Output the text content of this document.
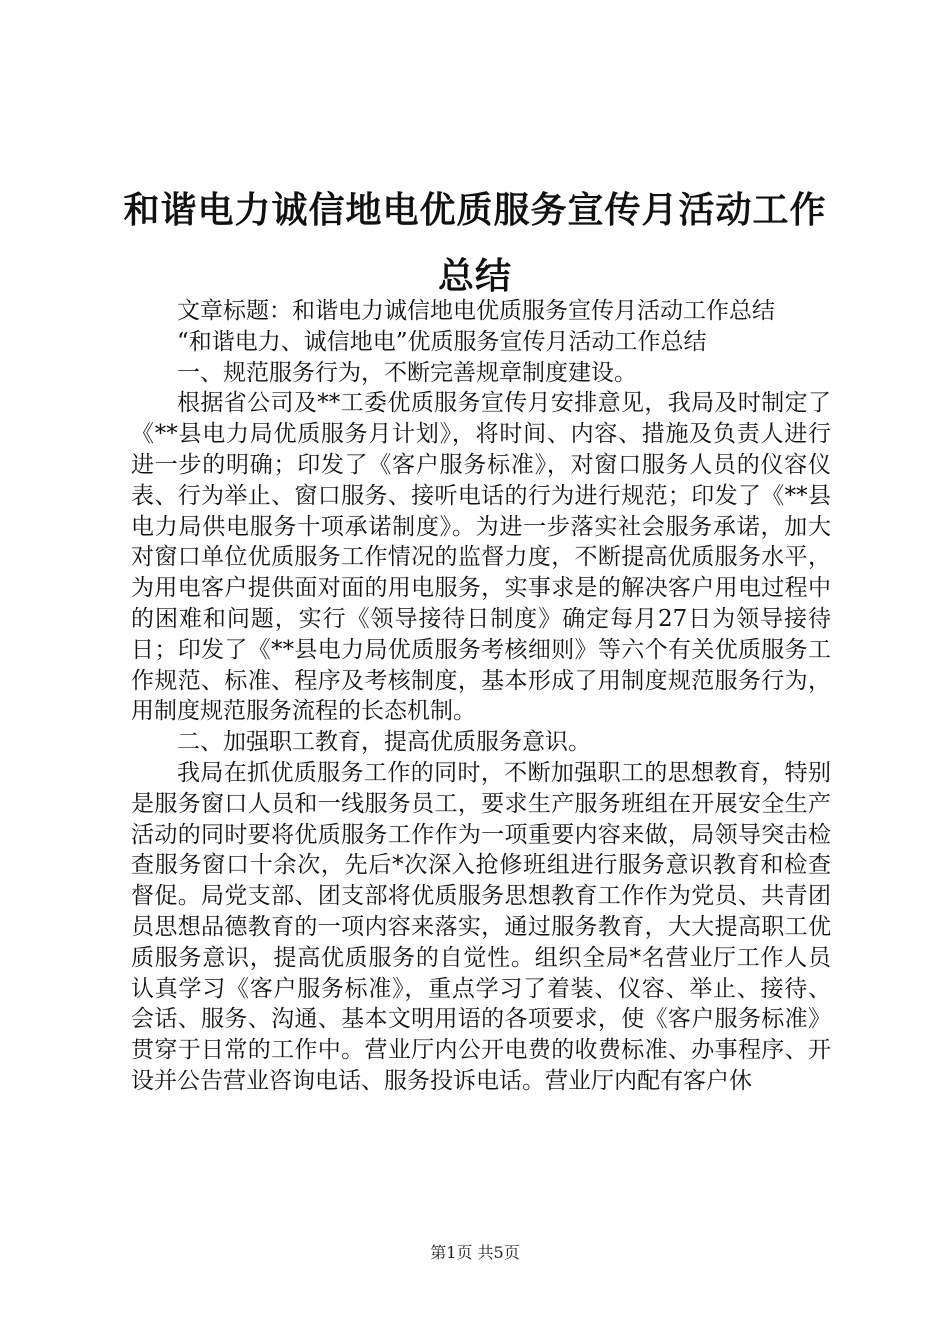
和谐电力诚信地电优质服务宣传月活动工作总结

文章标题：和谐电力诚信地电优质服务宣传月活动工作总结

“和谐电力、诚信地电”优质服务宣传月活动工作总结

一、规范服务行为，不断完善规章制度建设。

根据省公司及**工委优质服务宣传月安排意见，我局及时制定了《**县电力局优质服务月计划》，将时间、内容、措施及负责人进行进一步的明确；印发了《客户服务标准》，对窗口服务人员的仪容仪表、行为举止、窗口服务、接听电话的行为进行规范；印发了《**县电力局供电服务十项承诺制度》。为进一步落实社会服务承诺，加大对窗口单位优质服务工作情况的监督力度，不断提高优质服务水平，为用电客户提供面对面的用电服务，实事求是的解决客户用电过程中的困难和问题，实行《领导接待日制度》确定每月27日为领导接待日；印发了《**县电力局优质服务考核细则》等六个有关优质服务工作规范、标准、程序及考核制度，基本形成了用制度规范服务行为，用制度规范服务流程的长态机制。

二、加强职工教育，提高优质服务意识。

我局在抓优质服务工作的同时，不断加强职工的思想教育，特别是服务窗口人员和一线服务员工，要求生产服务班组在开展安全生产活动的同时要将优质服务工作作为一项重要内容来做，局领导突击检查服务窗口十余次，先后*次深入抢修班组进行服务意识教育和检查督促。局党支部、团支部将优质服务思想教育工作作为党员、共青团员思想品德教育的一项内容来落实，通过服务教育，大大提高职工优质服务意识，提高优质服务的自觉性。组织全局*名营业厅工作人员认真学习《客户服务标准》，重点学习了着装、仪容、举止、接待、会话、服务、沟通、基本文明用语的各项要求，使《客户服务标准》贯穿于日常的工作中。营业厅内公开电费的收费标准、办事程序、开设并公告营业咨询电话、服务投诉电话。营业厅内配有客户休

第1页 共5页
